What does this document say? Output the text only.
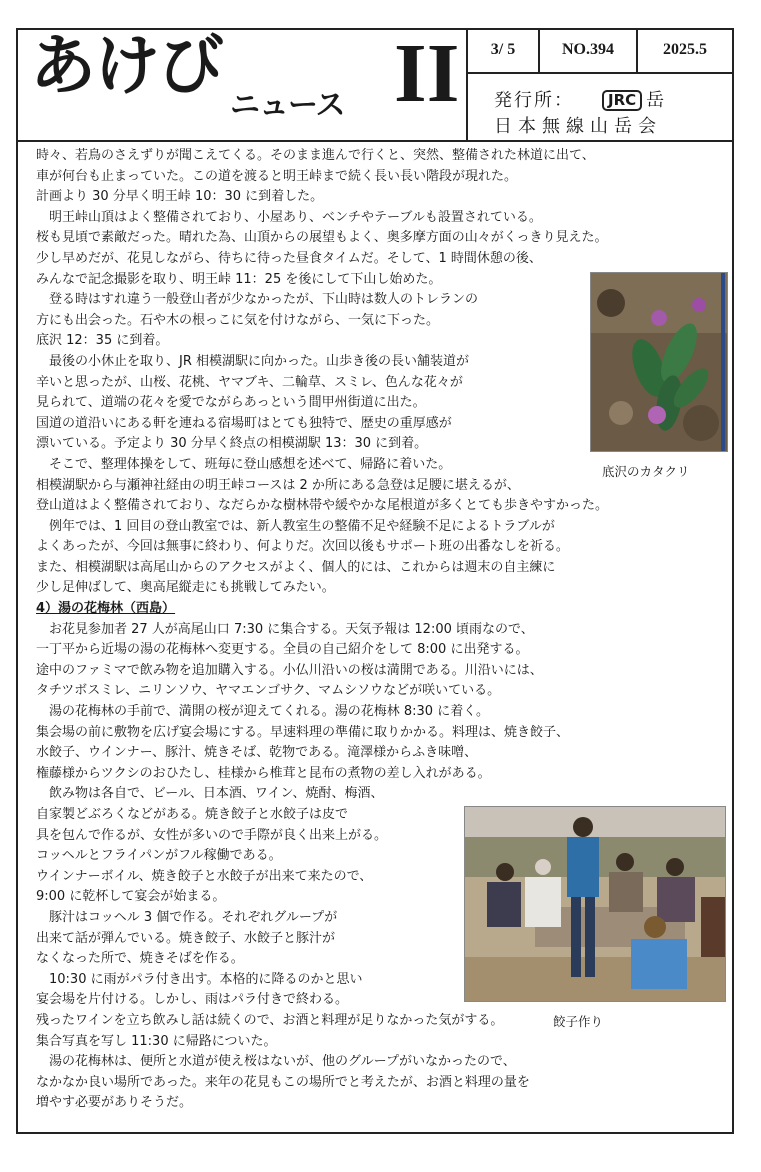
あけび
ニュース II	3/ 5	NO.394	2025.5
発行所： JRC 岳
日本無線山岳会

時々、若鳥のさえずりが聞こえてくる。そのまま進んで行くと、突然、整備された林道に出て、

車が何台も止まっていた。この道を渡ると明王峠まで続く長い長い階段が現れた。

計画より 30 分早く明王峠 10：30 に到着した。

　明王峠山頂はよく整備されており、小屋あり、ベンチやテーブルも設置されている。

桜も見頃で素敵だった。晴れた為、山頂からの展望もよく、奥多摩方面の山々がくっきり見えた。

少し早めだが、花見しながら、待ちに待った昼食タイムだ。そして、1 時間休憩の後、

みんなで記念撮影を取り、明王峠 11：25 を後にして下山し始めた。

　登る時はすれ違う一般登山者が少なかったが、下山時は数人のトレランの

方にも出会った。石や木の根っこに気を付けながら、一気に下った。

底沢 12：35 に到着。

　最後の小休止を取り、JR 相模湖駅に向かった。山歩き後の長い舗装道が

辛いと思ったが、山桜、花桃、ヤマブキ、二輪草、スミレ、色んな花々が

見られて、道端の花々を愛でながらあっという間甲州街道に出た。

国道の道沿いにある軒を連ねる宿場町はとても独特で、歴史の重厚感が

漂いている。予定より 30 分早く終点の相模湖駅 13：30 に到着。

　そこで、整理体操をして、班毎に登山感想を述べて、帰路に着いた。

相模湖駅から与瀬神社経由の明王峠コースは 2 か所にある急登は足腰に堪えるが、

登山道はよく整備されており、なだらかな樹林帯や緩やかな尾根道が多くとても歩きやすかった。

　例年では、1 回目の登山教室では、新人教室生の整備不足や経験不足によるトラブルが

よくあったが、今回は無事に終わり、何よりだ。次回以後もサポート班の出番なしを祈る。

また、相模湖駅は高尾山からのアクセスがよく、個人的には、これからは週末の自主練に

少し足伸ばして、奥高尾縦走にも挑戦してみたい。

4）湯の花梅林（西島）

　お花見参加者 27 人が高尾山口 7:30 に集合する。天気予報は 12:00 頃雨なので、

一丁平から近場の湯の花梅林へ変更する。全員の自己紹介をして 8:00 に出発する。

途中のファミマで飲み物を追加購入する。小仏川沿いの桜は満開である。川沿いには、

タチツボスミレ、ニリンソウ、ヤマエンゴサク、マムシソウなどが咲いている。

　湯の花梅林の手前で、満開の桜が迎えてくれる。湯の花梅林 8:30 に着く。

集会場の前に敷物を広げ宴会場にする。早速料理の準備に取りかかる。料理は、焼き餃子、

水餃子、ウインナー、豚汁、焼きそば、乾物である。滝澤様からふき味噌、

権藤様からツクシのおひたし、桂様から椎茸と昆布の煮物の差し入れがある。

　飲み物は各自で、ビール、日本酒、ワイン、焼酎、梅酒、

自家製どぶろくなどがある。焼き餃子と水餃子は皮で

具を包んで作るが、女性が多いので手際が良く出来上がる。

コッヘルとフライパンがフル稼働である。

ウインナーボイル、焼き餃子と水餃子が出来て来たので、

9:00 に乾杯して宴会が始まる。

　豚汁はコッヘル 3 個で作る。それぞれグループが

出来て話が弾んでいる。焼き餃子、水餃子と豚汁が

なくなった所で、焼きそばを作る。

　10:30 に雨がパラ付き出す。本格的に降るのかと思い

宴会場を片付ける。しかし、雨はパラ付きで終わる。

残ったワインを立ち飲みし話は続くので、お酒と料理が足りなかった気がする。

集合写真を写し 11:30 に帰路についた。

　湯の花梅林は、便所と水道が使え桜はないが、他のグループがいなかったので、

なかなか良い場所であった。来年の花見もこの場所でと考えたが、お酒と料理の量を

増やす必要がありそうだ。

底沢のカタクリ
餃子作り
